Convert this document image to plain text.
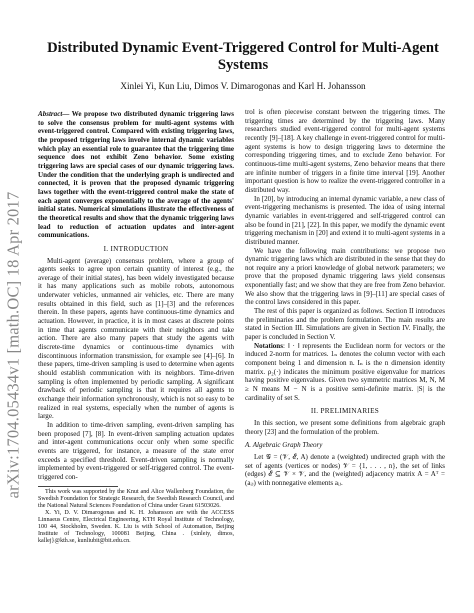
arXiv:1704.05434v1 [math.OC] 18 Apr 2017
Distributed Dynamic Event-Triggered Control for Multi-Agent Systems
Xinlei Yi, Kun Liu, Dimos V. Dimarogonas and Karl H. Johansson

Abstract— We propose two distributed dynamic triggering laws to solve the consensus problem for multi-agent systems with event-triggered control. Compared with existing triggering laws, the proposed triggering laws involve internal dynamic variables which play an essential role to guarantee that the triggering time sequence does not exhibit Zeno behavior. Some existing triggering laws are special cases of our dynamic triggering laws. Under the condition that the underlying graph is undirected and connected, it is proven that the proposed dynamic triggering laws together with the event-triggered control make the state of each agent converges exponentially to the average of the agents' initial states. Numerical simulations illustrate the effectiveness of the theoretical results and show that the dynamic triggering laws lead to reduction of actuation updates and inter-agent communications.

I. INTRODUCTION

Multi-agent (average) consensus problem, where a group of agents seeks to agree upon certain quantity of interest (e.g., the average of their initial states), has been widely investigated because it has many applications such as mobile robots, autonomous underwater vehicles, unmanned air vehicles, etc. There are many results obtained in this field, such as [1]–[3] and the references therein. In these papers, agents have continuous-time dynamics and actuation. However, in practice, it is in most cases at discrete points in time that agents communicate with their neighbors and take action. There are also many papers that study the agents with discrete-time dynamics or continuous-time dynamics with discontinuous information transmission, for example see [4]–[6]. In these papers, time-driven sampling is used to determine when agents should establish communication with its neighbors. Time-driven sampling is often implemented by periodic sampling. A significant drawback of periodic sampling is that it requires all agents to exchange their information synchronously, which is not so easy to be realized in real systems, especially when the number of agents is large.

In addition to time-driven sampling, event-driven sampling has been proposed [7], [8]. In event-driven sampling actuation updates and inter-agent communications occur only when some specific events are triggered, for instance, a measure of the state error exceeds a specified threshold. Event-driven sampling is normally implemented by event-triggered or self-triggered control. The event-triggered con-

This work was supported by the Knut and Alice Wallenberg Foundation, the Swedish Foundation for Strategic Research, the Swedish Research Council, and the National Natural Sciences Foundation of China under Grant 61503026.

X. Yi, D. V. Dimarogonas and K. H. Johansson are with the ACCESS Linnaeus Centre, Electrical Engineering, KTH Royal Institute of Technology, 100 44, Stockholm, Sweden. K. Liu is with School of Automation, Beijing Institute of Technology, 100081 Beijing, China . {xinleiy, dimos, kallej}@kth.se, kunliubit@bit.edu.cn.

trol is often piecewise constant between the triggering times. The triggering times are determined by the triggering laws. Many researchers studied event-triggered control for multi-agent systems recently [9]–[18]. A key challenge in event-triggered control for multi-agent systems is how to design triggering laws to determine the corresponding triggering times, and to exclude Zeno behavior. For continuous-time multi-agent systems, Zeno behavior means that there are infinite number of triggers in a finite time interval [19]. Another important question is how to realize the event-triggered controller in a distributed way.

In [20], by introducing an internal dynamic variable, a new class of event-triggering mechanisms is presented. The idea of using internal dynamic variables in event-triggered and self-triggered control can also be found in [21], [22]. In this paper, we modify the dynamic event triggering mechanism in [20] and extend it to multi-agent systems in a distributed manner.

We have the following main contributions: we propose two dynamic triggering laws which are distributed in the sense that they do not require any a priori knowledge of global network parameters; we prove that the proposed dynamic triggering laws yield consensus exponentially fast; and we show that they are free from Zeno behavior. We also show that the triggering laws in [9]–[11] are special cases of the control laws considered in this paper.

The rest of this paper is organized as follows. Section II introduces the preliminaries and the problem formulation. The main results are stated in Section III. Simulations are given in Section IV. Finally, the paper is concluded in Section V.

Notations: ‖ · ‖ represents the Euclidean norm for vectors or the induced 2-norm for matrices. 1ₙ denotes the column vector with each component being 1 and dimension n. Iₙ is the n dimension identity matrix. ρ₂(·) indicates the minimum positive eigenvalue for matrices having positive eigenvalues. Given two symmetric matrices M, N, M ≥ N means M − N is a positive semi-definite matrix. |S| is the cardinality of set S.

II. PRELIMINARIES

In this section, we present some definitions from algebraic graph theory [23] and the formulation of the problem.

A. Algebraic Graph Theory

Let 𝒢 = (𝒱, ℰ, A) denote a (weighted) undirected graph with the set of agents (vertices or nodes) 𝒱 = {1, . . . , n}, the set of links (edges) ℰ ⊆ 𝒱 × 𝒱, and the (weighted) adjacency matrix A = Aᵀ = (aᵢⱼ) with nonnegative elements aᵢⱼ.
